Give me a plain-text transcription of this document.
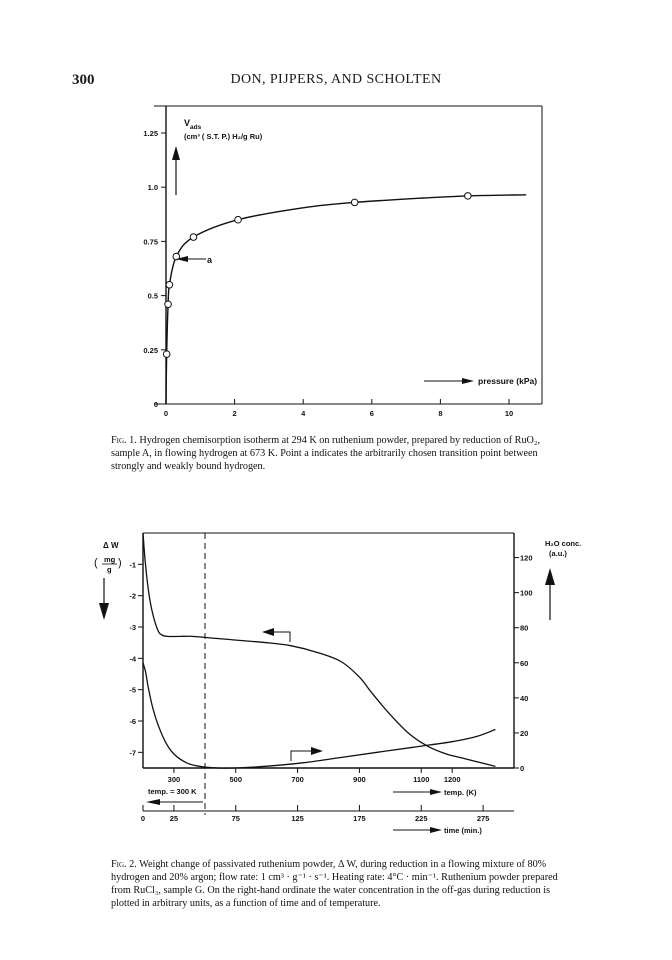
300	DON, PIJPERS, AND SCHOLTEN
0
0.25
0.5
0.75
1.0
1.25
0	2	4	6	8	10
$V_{ads}$
(cm³ ( S.T. P.) H₂/g Ru)
a
pressure (kPa)
Fig. 1. Hydrogen chemisorption isotherm at 294 K on ruthenium powder, prepared by reduction of RuO₂, sample A, in flowing hydrogen at 673 K. Point a indicates the arbitrarily chosen transition point between strongly and weakly bound hydrogen.
-1
-2
-3
-4
-5
-6
-7
0
20
40
60
80
100
120
300	500	700	900	1100 1200
0	25	75	125	175	225	275
Δ W
( mg
g
)
H₂O conc.
(a.u.)
temp. = 300 K	temp. (K)
time (min.)
Fig. 2. Weight change of passivated ruthenium powder, Δ W, during reduction in a flowing mixture of 80% hydrogen and 20% argon; flow rate: 1 cm³ · g⁻¹ · s⁻¹. Heating rate: 4°C · min⁻¹. Ruthenium powder prepared from RuCl₃, sample G. On the right-hand ordinate the water concentration in the off-gas during reduction is plotted in arbitrary units, as a function of time and of temperature.
